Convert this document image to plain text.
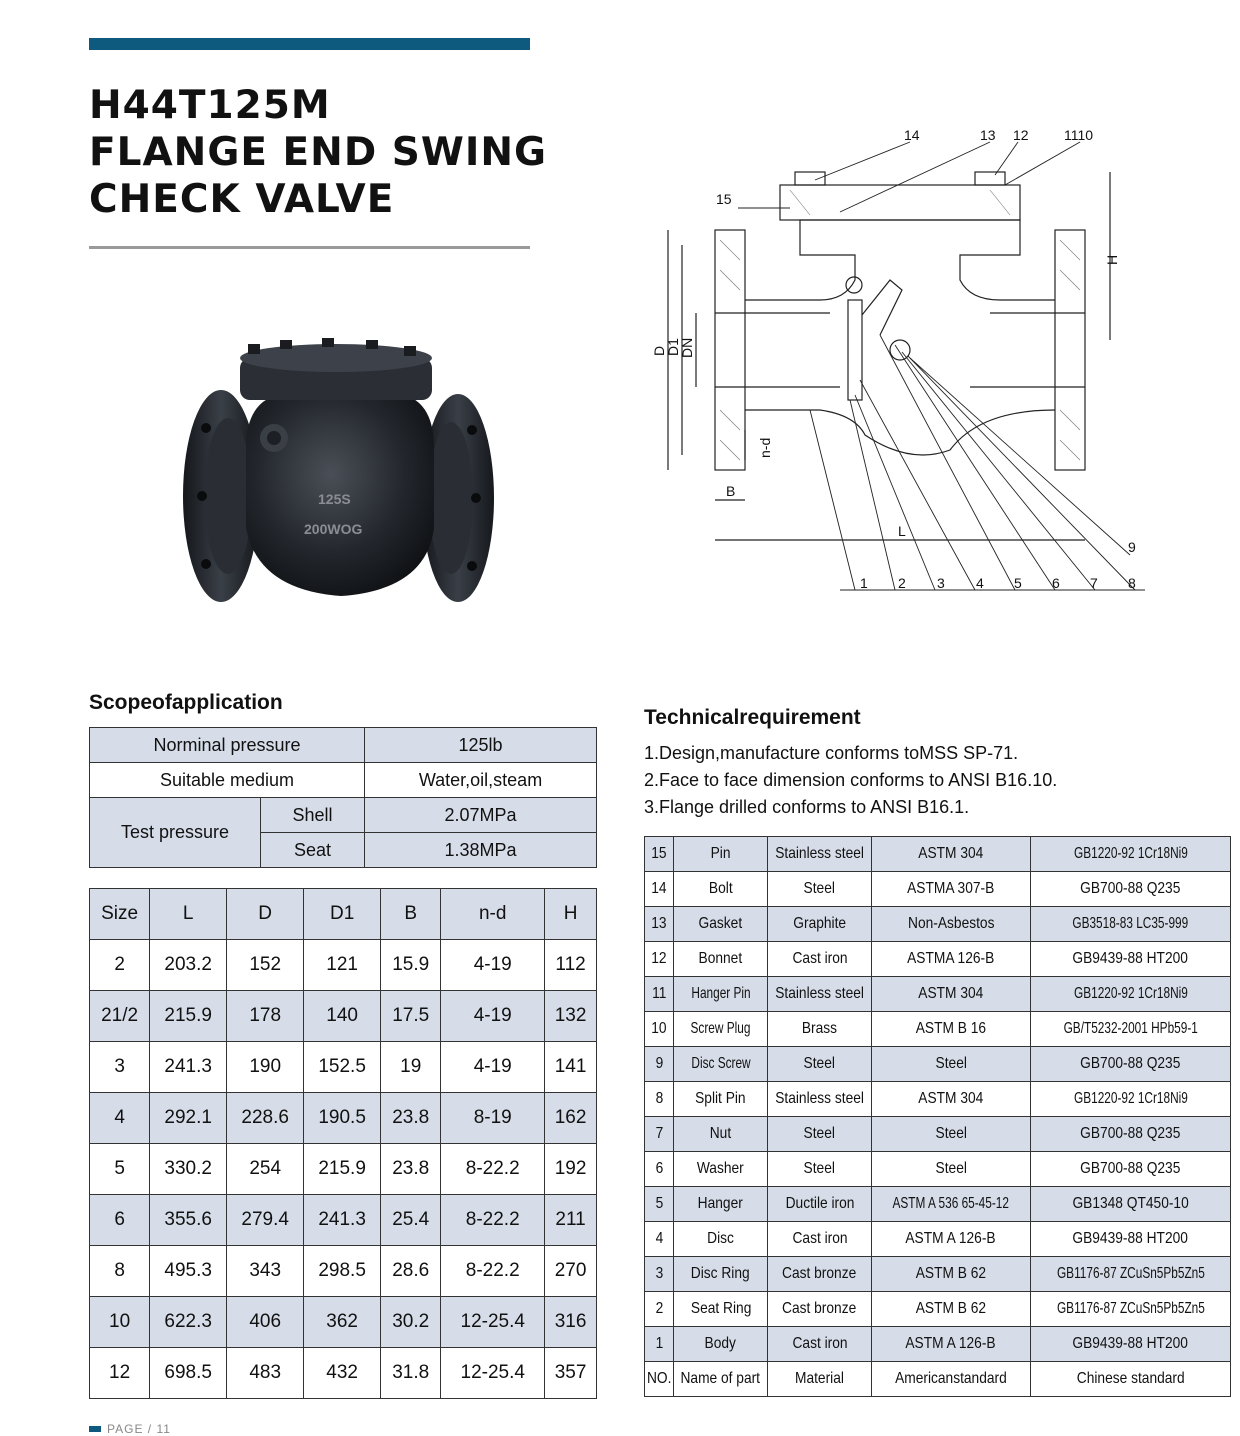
H44T125M
FLANGE END SWING
CHECK VALVE
125S
200WOG
14	13 12	1110
15
9
1 2 3 4 5 6 7 8
D
D1
DN
H
L
B
n-d
Scopeofapplication
Norminal pressure		125lb
Suitable medium		Water,oil,steam
Test pressure	Shell	2.07MPa
	Seat	1.38MPa
Size	L	D	D1	B	n-d	H
2	203.2	152	121	15.9	4-19	112
21/2	215.9	178	140	17.5	4-19	132
3	241.3	190	152.5	19	4-19	141
4	292.1	228.6	190.5	23.8	8-19	162
5	330.2	254	215.9	23.8	8-22.2	192
6	355.6	279.4	241.3	25.4	8-22.2	211
8	495.3	343	298.5	28.6	8-22.2	270
10	622.3	406	362	30.2	12-25.4	316
12	698.5	483	432	31.8	12-25.4	357
Technicalrequirement
1.Design,manufacture conforms toMSS SP-71.
2.Face to face dimension conforms to ANSI B16.10.
3.Flange drilled conforms to ANSI B16.1.
15	Pin	Stainless steel	ASTM 304	GB1220-92 1Cr18Ni9
14	Bolt	Steel	ASTMA 307-B	GB700-88 Q235
13	Gasket	Graphite	Non-Asbestos	GB3518-83 LC35-999
12	Bonnet	Cast iron	ASTMA 126-B	GB9439-88 HT200
11	Hanger Pin	Stainless steel	ASTM 304	GB1220-92 1Cr18Ni9
10	Screw Plug	Brass	ASTM B 16	GB/T5232-2001 HPb59-1
9	Disc Screw	Steel	Steel	GB700-88 Q235
8	Split Pin	Stainless steel	ASTM 304	GB1220-92 1Cr18Ni9
7	Nut	Steel	Steel	GB700-88 Q235
6	Washer	Steel	Steel	GB700-88 Q235
5	Hanger	Ductile iron	ASTM A 536 65-45-12	GB1348 QT450-10
4	Disc	Cast iron	ASTM A 126-B	GB9439-88 HT200
3	Disc Ring	Cast bronze	ASTM B 62	GB1176-87 ZCuSn5Pb5Zn5
2	Seat Ring	Cast bronze	ASTM B 62	GB1176-87 ZCuSn5Pb5Zn5
1	Body	Cast iron	ASTM A 126-B	GB9439-88 HT200
NO.	Name of part	Material	Americanstandard	Chinese standard
PAGE / 11
